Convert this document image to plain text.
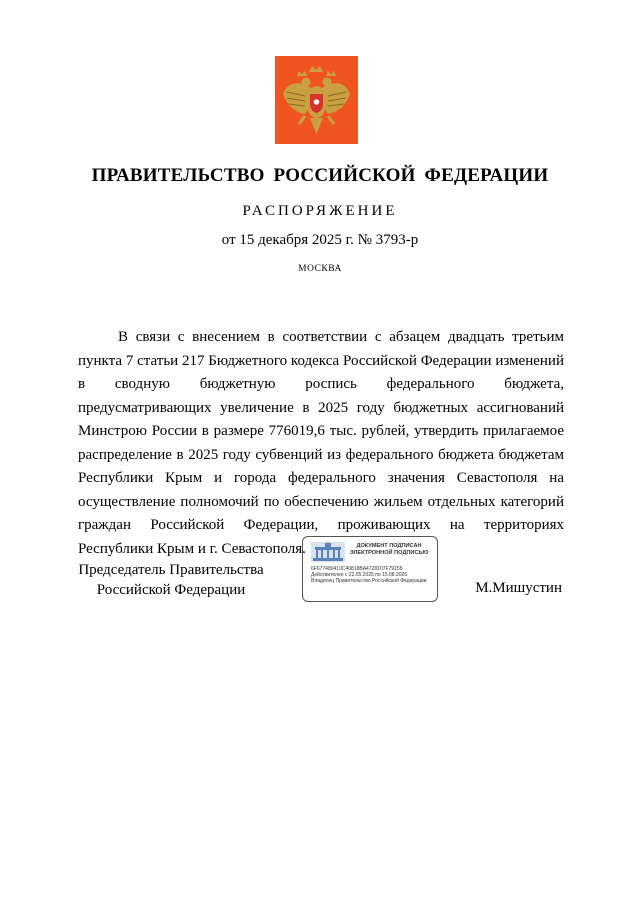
ПРАВИТЕЛЬСТВО РОССИЙСКОЙ ФЕДЕРАЦИИ
РАСПОРЯЖЕНИЕ
от 15 декабря 2025 г. № 3793-р
МОСКВА

В связи с внесением в соответствии с абзацем двадцать третьим пункта 7 статьи 217 Бюджетного кодекса Российской Федерации изменений в сводную бюджетную роспись федерального бюджета, предусматривающих увеличение в 2025 году бюджетных ассигнований Минстрою России в размере 776019,6 тыс. рублей, утвердить прилагаемое распределение в 2025 году субвенций из федерального бюджета бюджетам Республики Крым и города федерального значения Севастополя на осуществление полномочий по обеспечению жильем отдельных категорий граждан Российской Федерации, проживающих на территориях Республики Крым и г. Севастополя.

Председатель Правительства
Российской Федерации
ДОКУМЕНТ ПОДПИСАН
ЭЛЕКТРОННОЙ ПОДПИСЬЮ
6F677480410C40818BA4728107F79155
Действителен с 22.05.2025 по 15.08.2026
Владелец Правительство Российской Федерации	М.Мишустин
